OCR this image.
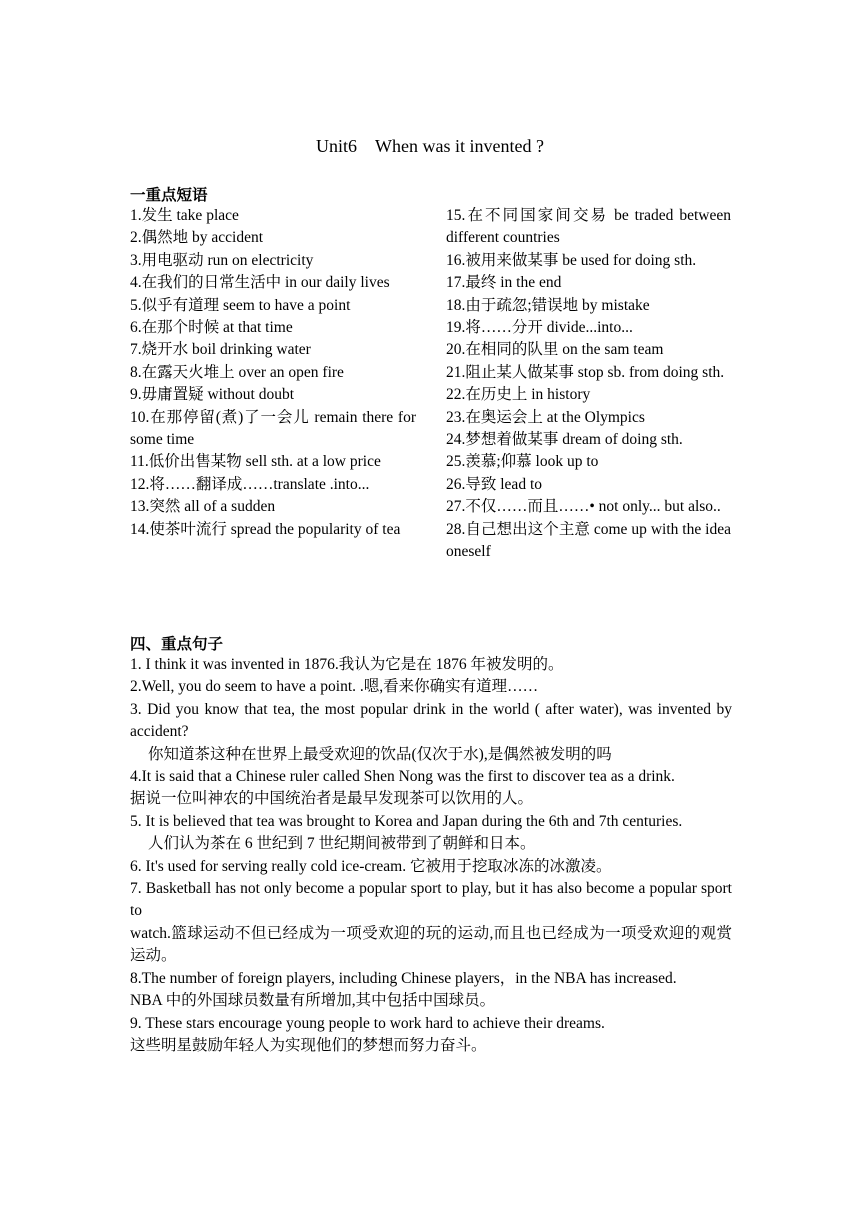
Unit6 When was it invented ?
一重点短语
1.发生 take place
2.偶然地 by accident
3.用电驱动 run on electricity
4.在我们的日常生活中 in our daily lives
5.似乎有道理 seem to have a point
6.在那个时候 at that time
7.烧开水 boil drinking water
8.在露天火堆上 over an open fire
9.毋庸置疑 without doubt
10.在那停留(煮)了一会儿 remain there for some time
11.低价出售某物 sell sth. at a low price
12.将……翻译成……translate .into...
13.突然 all of a sudden
14.使茶叶流行 spread the popularity of tea
15.在不同国家间交易 be traded between different countries
16.被用来做某事 be used for doing sth.
17.最终 in the end
18.由于疏忽;错误地 by mistake
19.将……分开 divide...into...
20.在相同的队里 on the sam team
21.阻止某人做某事 stop sb. from doing sth.
22.在历史上 in history
23.在奥运会上 at the Olympics
24.梦想着做某事 dream of doing sth.
25.羡慕;仰慕 look up to
26.导致 lead to
27.不仅……而且……• not only... but also..
28.自己想出这个主意 come up with the idea oneself
四、重点句子
1. I think it was invented in 1876.我认为它是在 1876 年被发明的。
2.Well, you do seem to have a point. .嗯,看来你确实有道理……
3. Did you know that tea, the most popular drink in the world ( after water), was invented by accident?
你知道茶这种在世界上最受欢迎的饮品(仅次于水),是偶然被发明的吗
4.It is said that a Chinese ruler called Shen Nong was the first to discover tea as a drink.
据说一位叫神农的中国统治者是最早发现茶可以饮用的人。
5. It is believed that tea was brought to Korea and Japan during the 6th and 7th centuries.
人们认为茶在 6 世纪到 7 世纪期间被带到了朝鲜和日本。
6. It's used for serving really cold ice-cream. 它被用于挖取冰冻的冰激凌。
7. Basketball has not only become a popular sport to play, but it has also become a popular sport to
watch.篮球运动不但已经成为一项受欢迎的玩的运动,而且也已经成为一项受欢迎的观赏运动。
8.The number of foreign players, including Chinese players，in the NBA has increased.
NBA 中的外国球员数量有所增加,其中包括中国球员。
9. These stars encourage young people to work hard to achieve their dreams.
这些明星鼓励年轻人为实现他们的梦想而努力奋斗。
